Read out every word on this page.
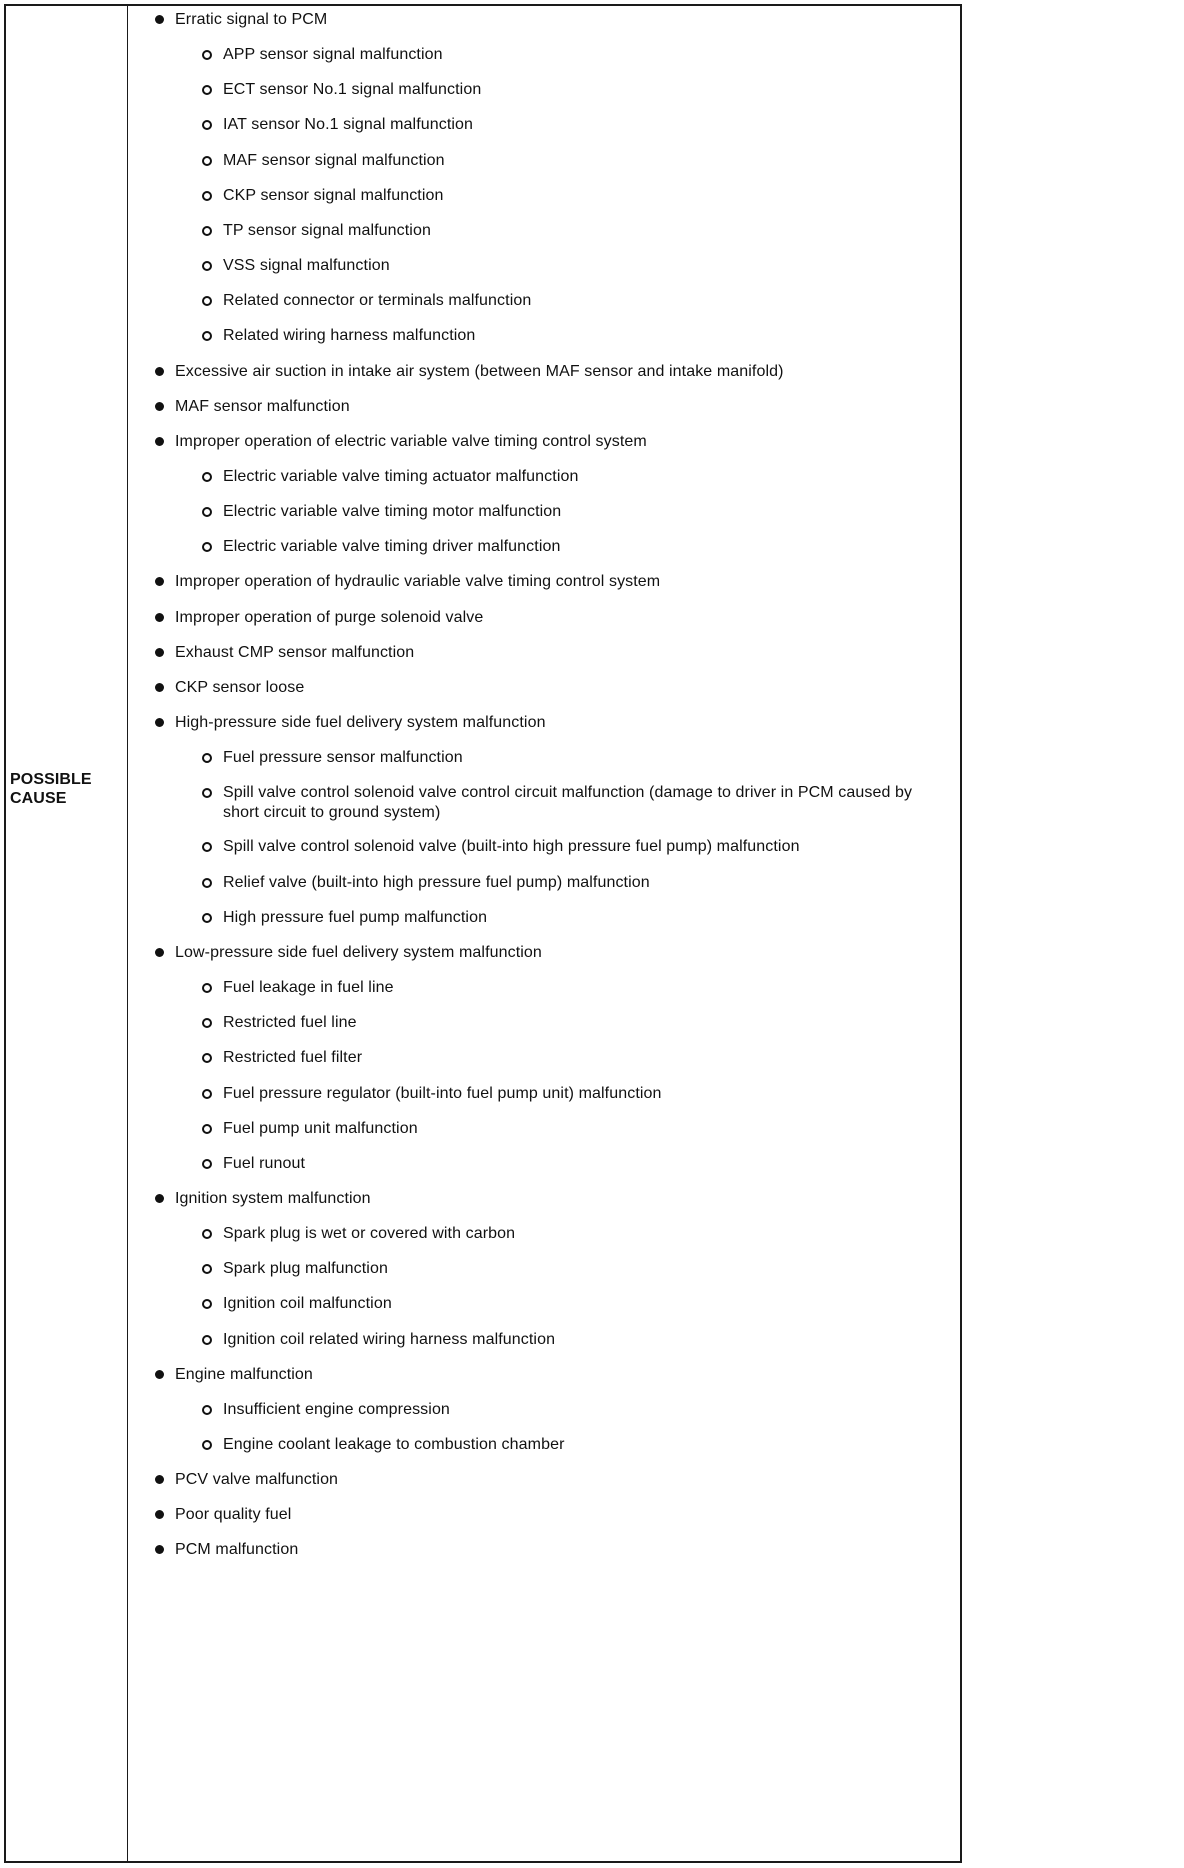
POSSIBLE
CAUSE
Erratic signal to PCM
APP sensor signal malfunction
ECT sensor No.1 signal malfunction
IAT sensor No.1 signal malfunction
MAF sensor signal malfunction
CKP sensor signal malfunction
TP sensor signal malfunction
VSS signal malfunction
Related connector or terminals malfunction
Related wiring harness malfunction
Excessive air suction in intake air system (between MAF sensor and intake manifold)
MAF sensor malfunction
Improper operation of electric variable valve timing control system
Electric variable valve timing actuator malfunction
Electric variable valve timing motor malfunction
Electric variable valve timing driver malfunction
Improper operation of hydraulic variable valve timing control system
Improper operation of purge solenoid valve
Exhaust CMP sensor malfunction
CKP sensor loose
High-pressure side fuel delivery system malfunction
Fuel pressure sensor malfunction
Spill valve control solenoid valve control circuit malfunction (damage to driver in PCM caused by short circuit to ground system)
Spill valve control solenoid valve (built-into high pressure fuel pump) malfunction
Relief valve (built-into high pressure fuel pump) malfunction
High pressure fuel pump malfunction
Low-pressure side fuel delivery system malfunction
Fuel leakage in fuel line
Restricted fuel line
Restricted fuel filter
Fuel pressure regulator (built-into fuel pump unit) malfunction
Fuel pump unit malfunction
Fuel runout
Ignition system malfunction
Spark plug is wet or covered with carbon
Spark plug malfunction
Ignition coil malfunction
Ignition coil related wiring harness malfunction
Engine malfunction
Insufficient engine compression
Engine coolant leakage to combustion chamber
PCV valve malfunction
Poor quality fuel
PCM malfunction
